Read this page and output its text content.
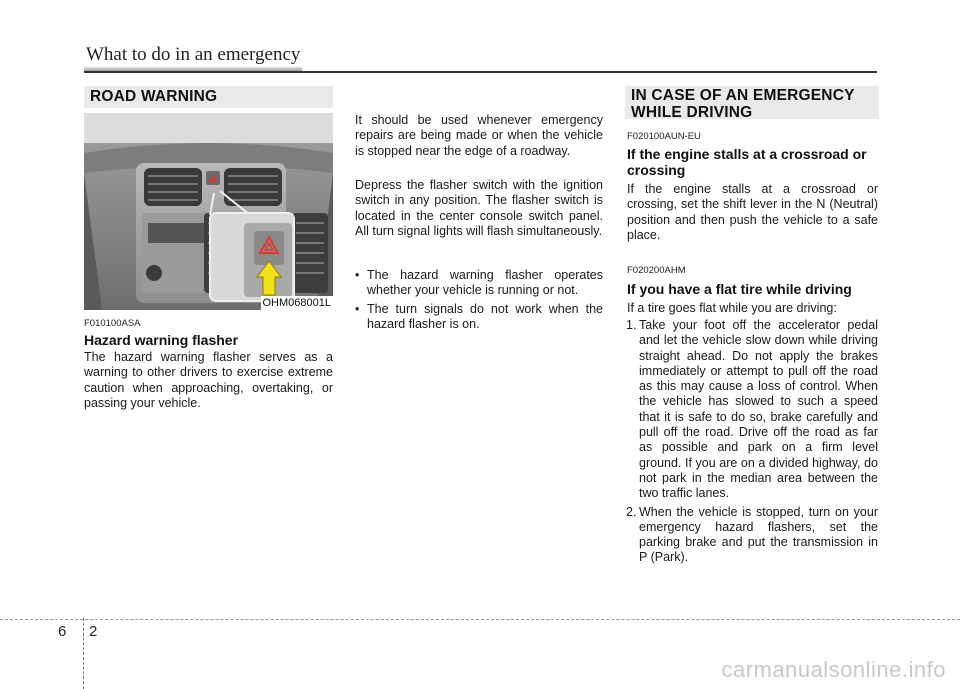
What to do in an emergency
ROAD WARNING
OHM068001L
F010100ASA
Hazard warning flasher

The hazard warning flasher serves as a warning to other drivers to exercise extreme caution when approaching, overtaking, or passing your vehicle.

It should be used whenever emergency repairs are being made or when the vehicle is stopped near the edge of a roadway.

Depress the flasher switch with the ignition switch in any position. The flasher switch is located in the center console switch panel. All turn signal lights will flash simultaneously.

• The hazard warning flasher operates whether your vehicle is running or not.
• The turn signals do not work when the hazard flasher is on.
IN CASE OF AN EMERGENCY
WHILE DRIVING
F020100AUN-EU
If the engine stalls at a crossroad or crossing

If the engine stalls at a crossroad or crossing, set the shift lever in the N (Neutral) position and then push the vehicle to a safe place.

F020200AHM
If you have a flat tire while driving

If a tire goes flat while you are driving:

1. Take your foot off the accelerator pedal and let the vehicle slow down while driving straight ahead. Do not apply the brakes immediately or attempt to pull off the road as this may cause a loss of control. When the vehicle has slowed to such a speed that it is safe to do so, brake carefully and pull off the road. Drive off the road as far as possible and park on a firm level ground. If you are on a divided highway, do not park in the median area between the two traffic lanes.
2. When the vehicle is stopped, turn on your emergency hazard flashers, set the parking brake and put the transmission in P (Park).
6 2
carmanualsonline.info
